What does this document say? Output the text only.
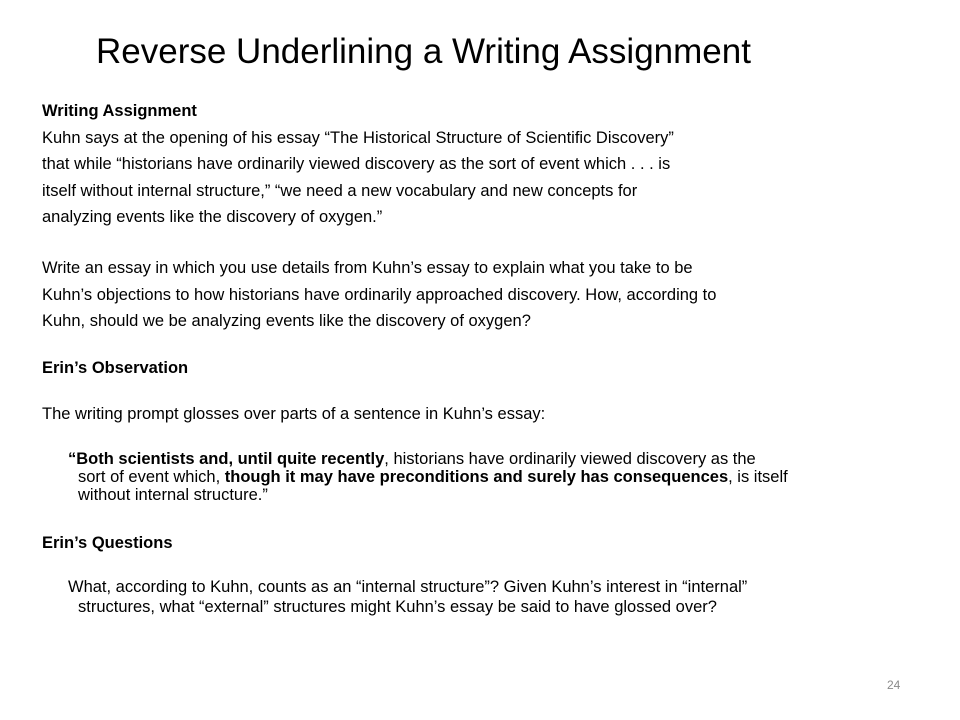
Reverse Underlining a Writing Assignment
Writing Assignment
Kuhn says at the opening of his essay “The Historical Structure of Scientific Discovery”
that while “historians have ordinarily viewed discovery as the sort of event which . . . is
itself without internal structure,” “we need a new vocabulary and new concepts for
analyzing events like the discovery of oxygen.”
Write an essay in which you use details from Kuhn’s essay to explain what you take to be
Kuhn’s objections to how historians have ordinarily approached discovery. How, according to
Kuhn, should we be analyzing events like the discovery of oxygen?
Erin’s Observation
The writing prompt glosses over parts of a sentence in Kuhn’s essay:
“Both scientists and, until quite recently, historians have ordinarily viewed discovery as the
sort of event which, though it may have preconditions and surely has consequences, is itself
without internal structure.”
Erin’s Questions
What, according to Kuhn, counts as an “internal structure”? Given Kuhn’s interest in “internal”
structures, what “external” structures might Kuhn’s essay be said to have glossed over?
24
